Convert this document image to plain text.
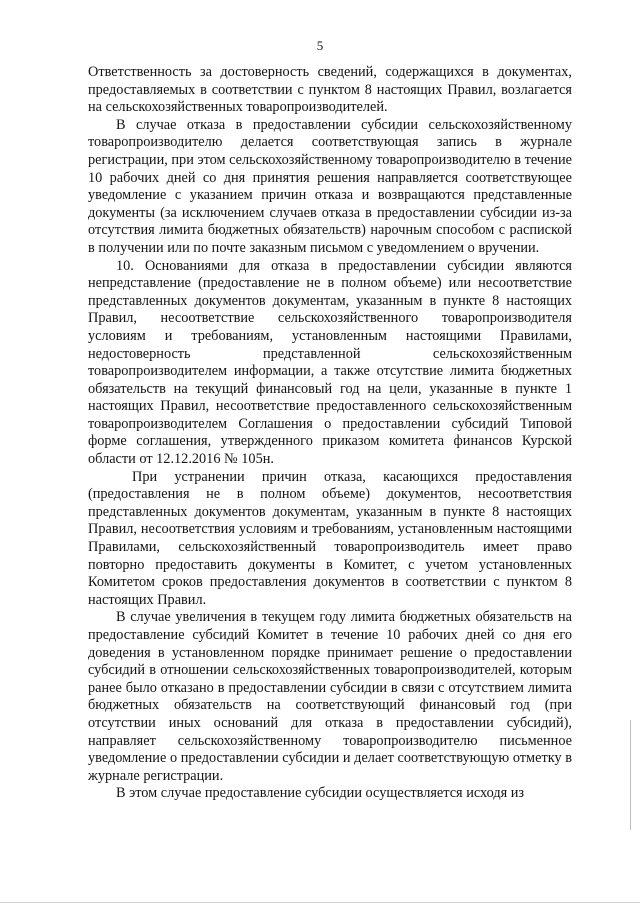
5

Ответственность за достоверность сведений, содержащихся в документах, предоставляемых в соответствии с пунктом 8 настоящих Правил, возлагается на сельскохозяйственных товаропроизводителей.

В случае отказа в предоставлении субсидии сельскохозяйственному товаропроизводителю делается соответствующая запись в журнале регистрации, при этом сельскохозяйственному товаропроизводителю в течение 10 рабочих дней со дня принятия решения направляется соответствующее уведомление с указанием причин отказа и возвращаются представленные документы (за исключением случаев отказа в предоставлении субсидии из-за отсутствия лимита бюджетных обязательств) нарочным способом с распиской в получении или по почте заказным письмом с уведомлением о вручении.

10. Основаниями для отказа в предоставлении субсидии являются непредставление (предоставление не в полном объеме) или несоответствие представленных документов документам, указанным в пункте 8 настоящих Правил, несоответствие сельскохозяйственного товаропроизводителя условиям и требованиям, установленным настоящими Правилами, недостоверность представленной сельскохозяйственным товаропроизводителем информации, а также отсутствие лимита бюджетных обязательств на текущий финансовый год на цели, указанные в пункте 1 настоящих Правил, несоответствие предоставленного сельскохозяйственным товаропроизводителем Соглашения о предоставлении субсидий Типовой форме соглашения, утвержденного приказом комитета финансов Курской области от 12.12.2016 № 105н.

При устранении причин отказа, касающихся предоставления (предоставления не в полном объеме) документов, несоответствия представленных документов документам, указанным в пункте 8 настоящих Правил, несоответствия условиям и требованиям, установленным настоящими Правилами, сельскохозяйственный товаропроизводитель имеет право повторно предоставить документы в Комитет, с учетом установленных Комитетом сроков предоставления документов в соответствии с пунктом 8 настоящих Правил.

В случае увеличения в текущем году лимита бюджетных обязательств на предоставление субсидий Комитет в течение 10 рабочих дней со дня его доведения в установленном порядке принимает решение о предоставлении субсидий в отношении сельскохозяйственных товаропроизводителей, которым ранее было отказано в предоставлении субсидии в связи с отсутствием лимита бюджетных обязательств на соответствующий финансовый год (при отсутствии иных оснований для отказа в предоставлении субсидий), направляет сельскохозяйственному товаропроизводителю письменное уведомление о предоставлении субсидии и делает соответствующую отметку в журнале регистрации.

В этом случае предоставление субсидии осуществляется исходя из
